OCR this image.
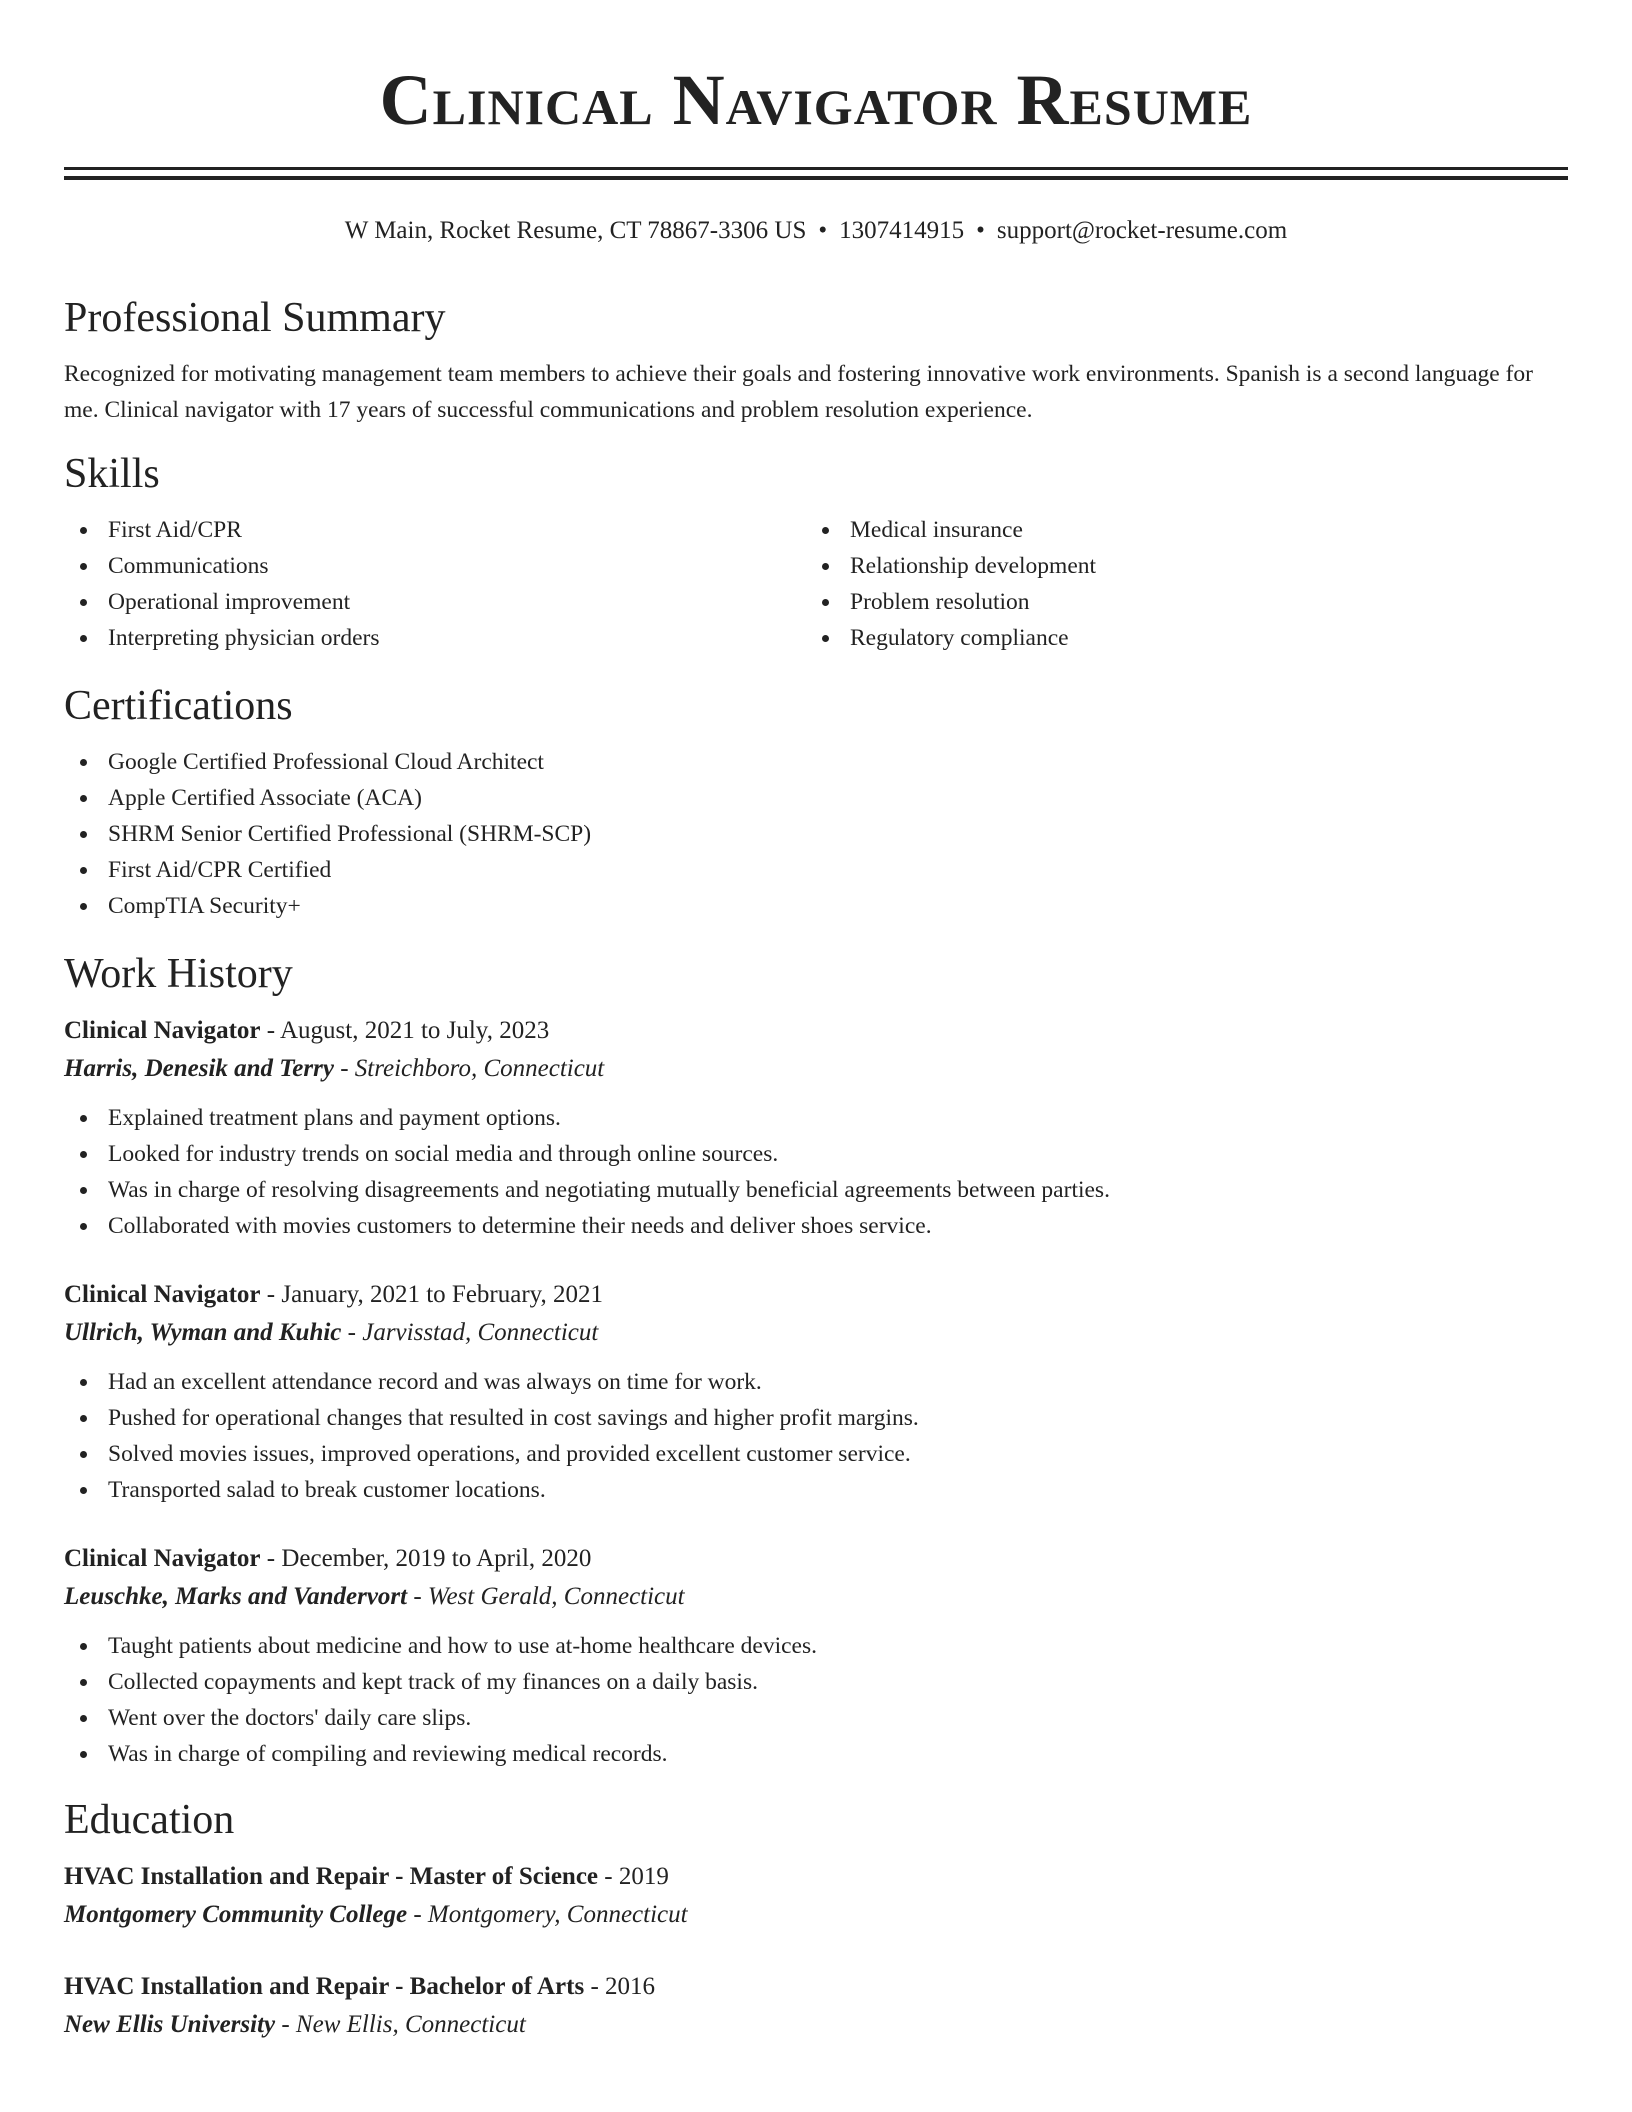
Clinical Navigator Resume
W Main, Rocket Resume, CT 78867-3306 US • 1307414915 • support@rocket-resume.com
Professional Summary

Recognized for motivating management team members to achieve their goals and fostering innovative work environments. Spanish is a second language for me. Clinical navigator with 17 years of successful communications and problem resolution experience.

Skills
First Aid/CPR
Communications
Operational improvement
Interpreting physician orders
Medical insurance
Relationship development
Problem resolution
Regulatory compliance
Certifications
Google Certified Professional Cloud Architect
Apple Certified Associate (ACA)
SHRM Senior Certified Professional (SHRM-SCP)
First Aid/CPR Certified
CompTIA Security+
Work History
Clinical Navigator - August, 2021 to July, 2023
Harris, Denesik and Terry - Streichboro, Connecticut
Explained treatment plans and payment options.
Looked for industry trends on social media and through online sources.
Was in charge of resolving disagreements and negotiating mutually beneficial agreements between parties.
Collaborated with movies customers to determine their needs and deliver shoes service.
Clinical Navigator - January, 2021 to February, 2021
Ullrich, Wyman and Kuhic - Jarvisstad, Connecticut
Had an excellent attendance record and was always on time for work.
Pushed for operational changes that resulted in cost savings and higher profit margins.
Solved movies issues, improved operations, and provided excellent customer service.
Transported salad to break customer locations.
Clinical Navigator - December, 2019 to April, 2020
Leuschke, Marks and Vandervort - West Gerald, Connecticut
Taught patients about medicine and how to use at-home healthcare devices.
Collected copayments and kept track of my finances on a daily basis.
Went over the doctors' daily care slips.
Was in charge of compiling and reviewing medical records.
Education
HVAC Installation and Repair - Master of Science - 2019
Montgomery Community College - Montgomery, Connecticut
HVAC Installation and Repair - Bachelor of Arts - 2016
New Ellis University - New Ellis, Connecticut
